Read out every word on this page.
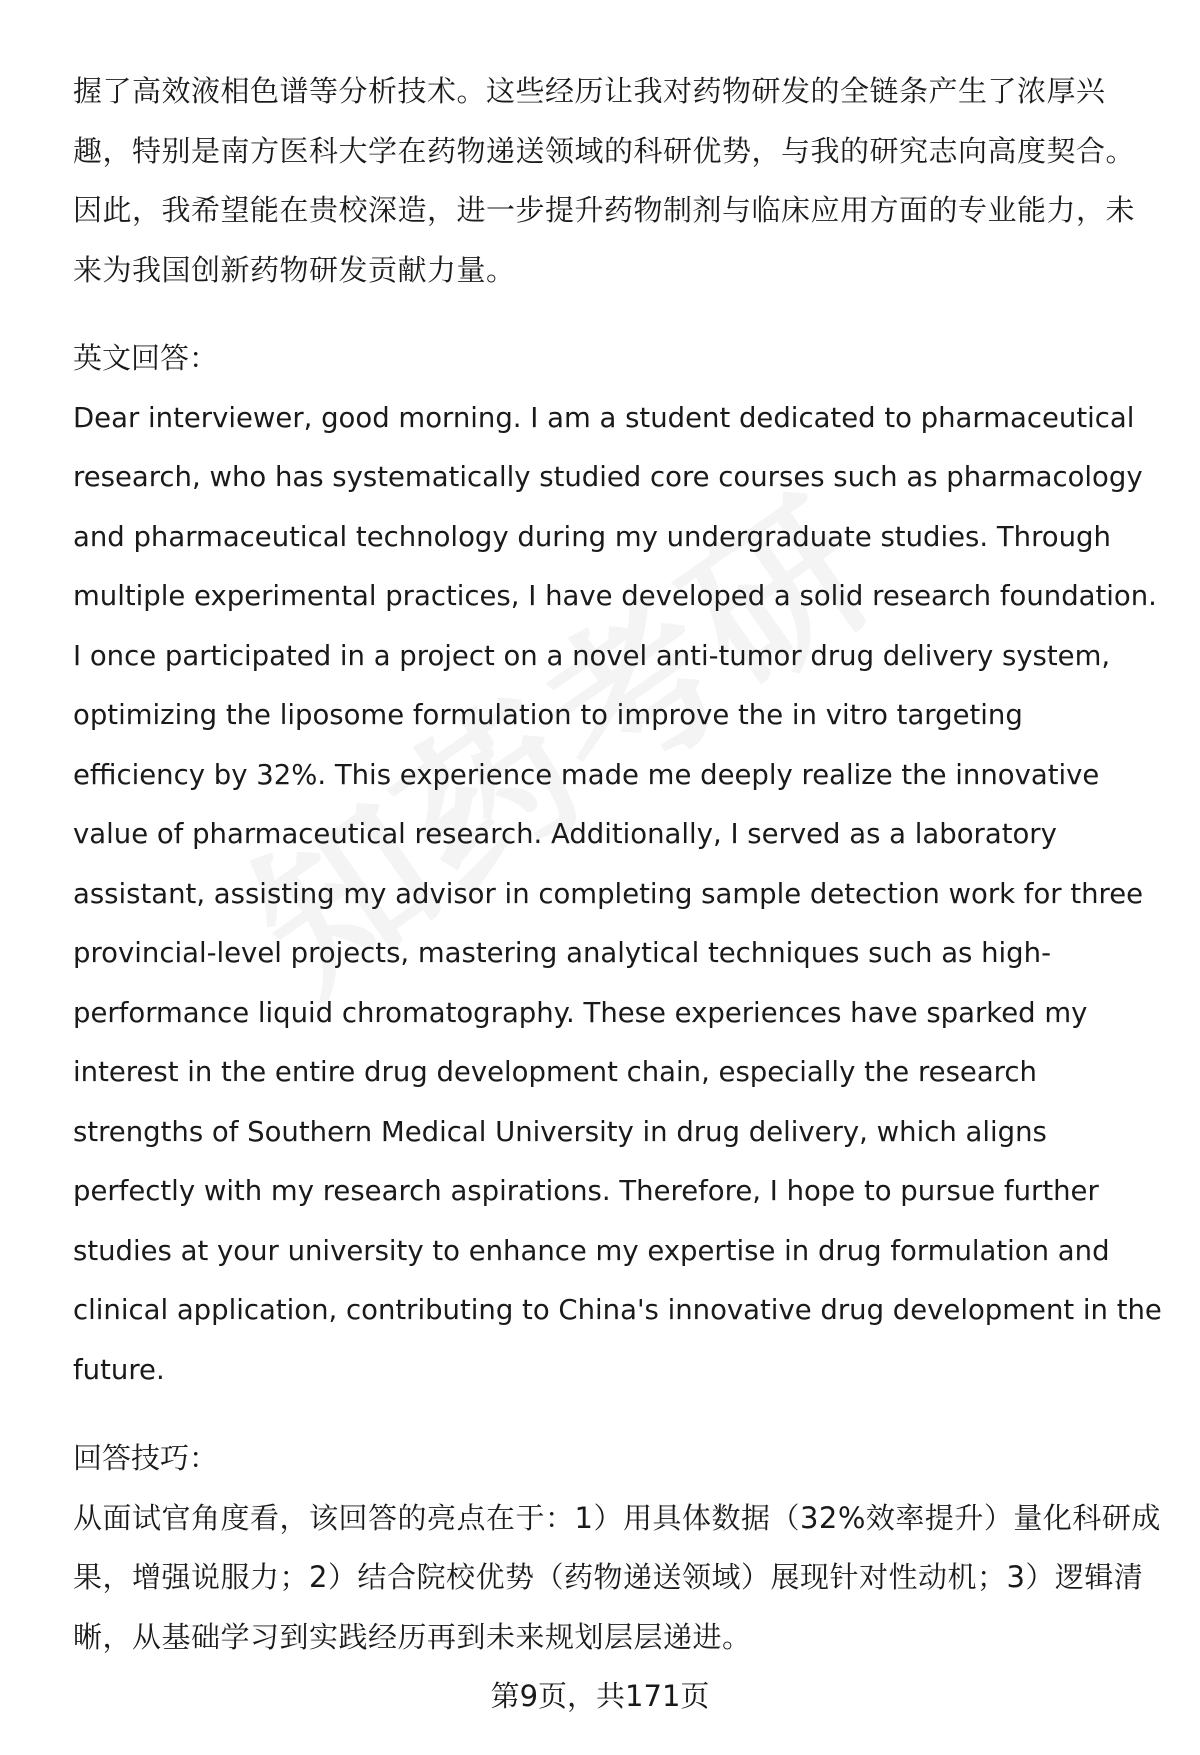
握了高效液相色谱等分析技术。这些经历让我对药物研发的全链条产生了浓厚兴趣，特别是南方医科大学在药物递送领域的科研优势，与我的研究志向高度契合。因此，我希望能在贵校深造，进一步提升药物制剂与临床应用方面的专业能力，未来为我国创新药物研发贡献力量。

英文回答：

Dear interviewer, good morning. I am a student dedicated to pharmaceutical research, who has systematically studied core courses such as pharmacology and pharmaceutical technology during my undergraduate studies. Through multiple experimental practices, I have developed a solid research foundation. I once participated in a project on a novel anti-tumor drug delivery system, optimizing the liposome formulation to improve the in vitro targeting efficiency by 32%. This experience made me deeply realize the innovative value of pharmaceutical research. Additionally, I served as a laboratory assistant, assisting my advisor in completing sample detection work for three provincial-level projects, mastering analytical techniques such as high-performance liquid chromatography. These experiences have sparked my interest in the entire drug development chain, especially the research strengths of Southern Medical University in drug delivery, which aligns perfectly with my research aspirations. Therefore, I hope to pursue further studies at your university to enhance my expertise in drug formulation and clinical application, contributing to China's innovative drug development in the future.

回答技巧：

从面试官角度看，该回答的亮点在于：1）用具体数据（32%效率提升）量化科研成果，增强说服力；2）结合院校优势（药物递送领域）展现针对性动机；3）逻辑清晰，从基础学习到实践经历再到未来规划层层递进。

第9页，共171页
